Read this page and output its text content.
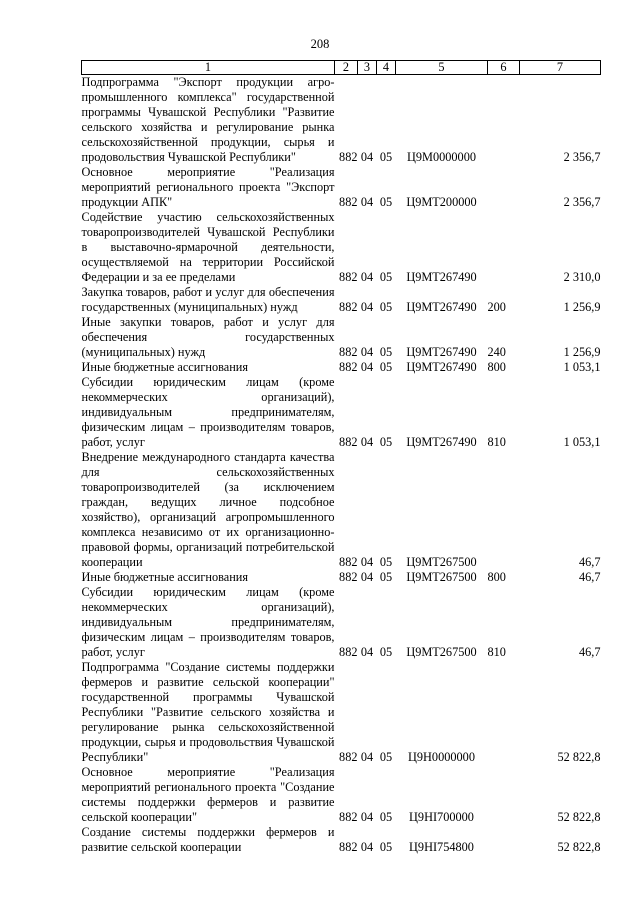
208
1	2	3	4	5	6	7
Подпрограмма "Экспорт продукции агро-промышленного комплекса" государственной программы Чувашской Республики "Развитие сельского хозяйства и регулирование рынка сельскохозяйственной продукции, сырья и продовольствия Чувашской Республики"	882	04	05	Ц9М0000000		2 356,7
Основное мероприятие "Реализация мероприятий регионального проекта "Экспорт продукции АПК"	882	04	05	Ц9МТ200000		2 356,7
Содействие участию сельскохозяйственных товаропроизводителей Чувашской Республики в выставочно-ярмарочной деятельности, осуществляемой на территории Российской Федерации и за ее пределами	882	04	05	Ц9МТ267490		2 310,0
Закупка товаров, работ и услуг для обеспечения государственных (муниципальных) нужд	882	04	05	Ц9МТ267490	200	1 256,9
Иные закупки товаров, работ и услуг для обеспечения государственных (муниципальных) нужд	882	04	05	Ц9МТ267490	240	1 256,9
Иные бюджетные ассигнования	882	04	05	Ц9МТ267490	800	1 053,1
Субсидии юридическим лицам (кроме некоммерческих организаций), индивидуальным предпринимателям, физическим лицам – производителям товаров, работ, услуг	882	04	05	Ц9МТ267490	810	1 053,1
Внедрение международного стандарта качества для сельскохозяйственных товаропроизводителей (за исключением граждан, ведущих личное подсобное хозяйство), организаций агропромышленного комплекса независимо от их организационно-правовой формы, организаций потребительской кооперации	882	04	05	Ц9МТ267500		46,7
Иные бюджетные ассигнования	882	04	05	Ц9МТ267500	800	46,7
Субсидии юридическим лицам (кроме некоммерческих организаций), индивидуальным предпринимателям, физическим лицам – производителям товаров, работ, услуг	882	04	05	Ц9МТ267500	810	46,7
Подпрограмма "Создание системы поддержки фермеров и развитие сельской кооперации" государственной программы Чувашской Республики "Развитие сельского хозяйства и регулирование рынка сельскохозяйственной продукции, сырья и продовольствия Чувашской Республики"	882	04	05	Ц9Н0000000		52 822,8
Основное мероприятие "Реализация мероприятий регионального проекта "Создание системы поддержки фермеров и развитие сельской кооперации"	882	04	05	Ц9НI700000		52 822,8
Создание системы поддержки фермеров и развитие сельской кооперации	882	04	05	Ц9НI754800		52 822,8
